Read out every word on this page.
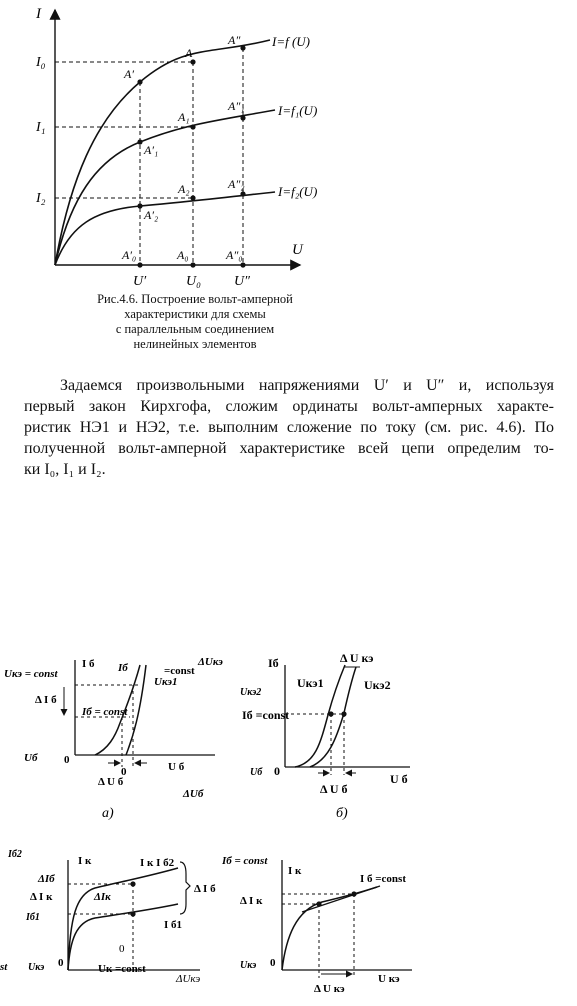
I
U
I=f (U)
I=f₁(U)
I=f₂(U)
I₀
I₁
I₂
U′	U₀ U″
A′
A
A″
A′₁
A₁
A″₁
A′₂
A₂	A″₂
A′₀	A₀	A″₀
Рис.4.6. Построение вольт-амперной
характеристики для схемы
с параллельным соединением
нелинейных элементов
Задаемся произвольными напряжениями U′ и U″ и, используя
первый закон Кирхгофа, сложим ординаты вольт-амперных характе-
ристик НЭ1 и НЭ2, т.е. выполним сложение по току (см. рис. 4.6). По
полученной вольт-амперной характеристике всей цепи определим то-
ки I₀, I₁ и I₂.
Uкэ = const
I б Iб
Uкэ1
ΔUкэ
=const
Δ I б
Iб = const
Uб 0
0
Δ U б
U б
ΔUб
а)
Iб	Δ U кэ
Uкэ2
Uкэ1	Uкэ2
Iб =const
Uб 0
Δ U б
U б
б)
Iб2
I к	I к I б2
ΔIб
Δ I к	ΔIк
Iб1
I б1
Δ I б
st Uкэ 0
0
Uк =const
ΔUкэ
Iб = const
I к
I б =const
Δ I к
Uкэ 0
Δ U кэ
U кэ
